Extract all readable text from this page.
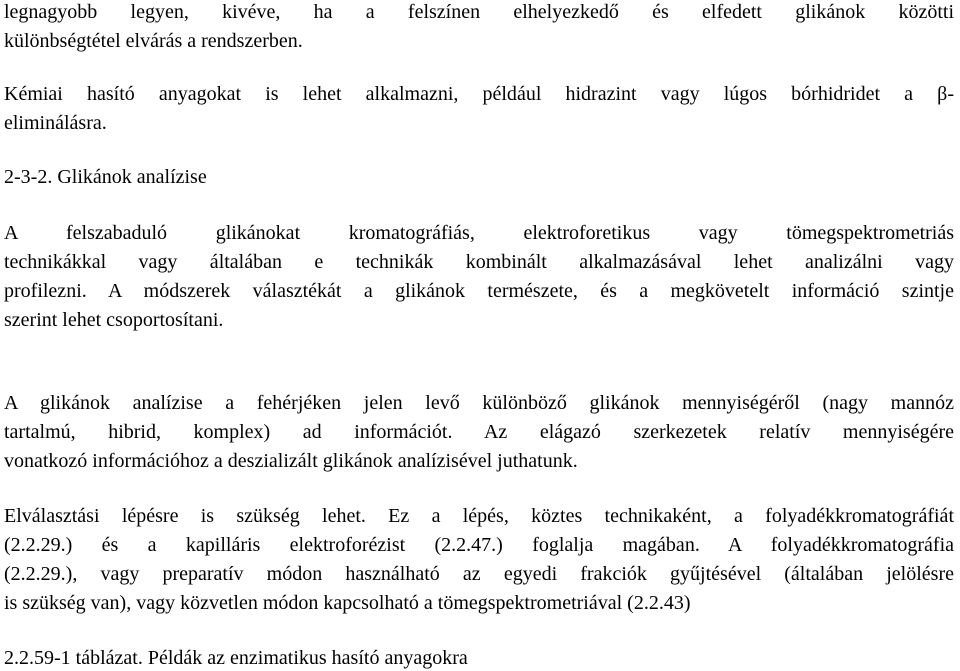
legnagyobb legyen, kivéve, ha a felszínen elhelyezkedő és elfedett glikánok közötti
különbségtétel elvárás a rendszerben.
Kémiai hasító anyagokat is lehet alkalmazni, például hidrazint vagy lúgos bórhidridet a β-
eliminálásra.
2-3-2. Glikánok analízise
A felszabaduló glikánokat kromatográfiás, elektroforetikus vagy tömegspektrometriás
technikákkal vagy általában e technikák kombinált alkalmazásával lehet analizálni vagy
profilezni. A módszerek választékát a glikánok természete, és a megkövetelt információ szintje
szerint lehet csoportosítani.
A glikánok analízise a fehérjéken jelen levő különböző glikánok mennyiségéről (nagy mannóz
tartalmú, hibrid, komplex) ad információt. Az elágazó szerkezetek relatív mennyiségére
vonatkozó információhoz a deszializált glikánok analízisével juthatunk.
Elválasztási lépésre is szükség lehet. Ez a lépés, köztes technikaként, a folyadékkromatográfiát
(2.2.29.) és a kapilláris elektroforézist (2.2.47.) foglalja magában. A folyadékkromatográfia
(2.2.29.), vagy preparatív módon használható az egyedi frakciók gyűjtésével (általában jelölésre
is szükség van), vagy közvetlen módon kapcsolható a tömegspektrometriával (2.2.43)
2.2.59-1 táblázat. Példák az enzimatikus hasító anyagokra
